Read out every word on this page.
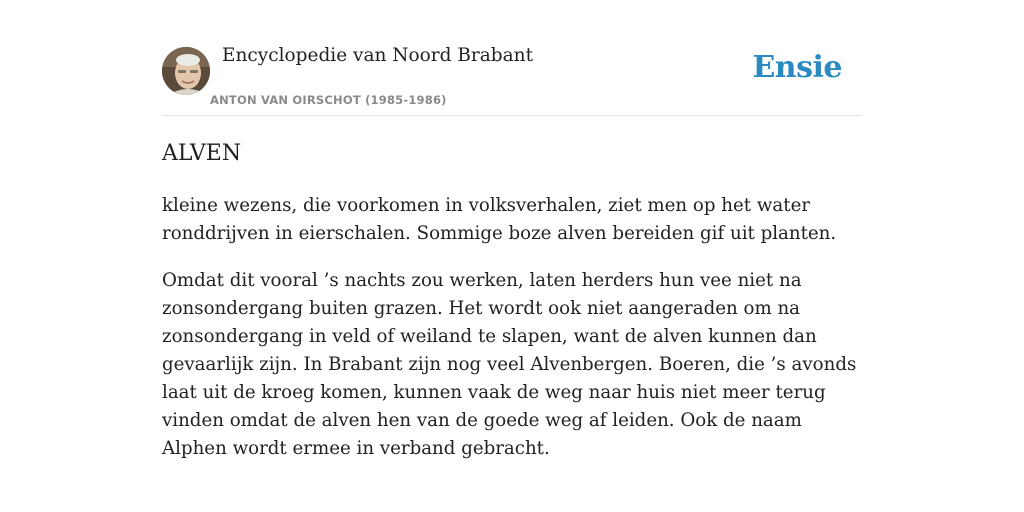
Encyclopedie van Noord Brabant
ANTON VAN OIRSCHOT (1985-1986)
Ensie
ALVEN

kleine wezens, die voorkomen in volksverhalen, ziet men op het water ronddrijven in eierschalen. Sommige boze alven bereiden gif uit planten.

Omdat dit vooral ’s nachts zou werken, laten herders hun vee niet na zonsondergang buiten grazen. Het wordt ook niet aangeraden om na zonsondergang in veld of weiland te slapen, want de alven kunnen dan gevaarlijk zijn. In Brabant zijn nog veel Alvenbergen. Boeren, die ’s avonds laat uit de kroeg komen, kunnen vaak de weg naar huis niet meer terug vinden omdat de alven hen van de goede weg af leiden. Ook de naam Alphen wordt ermee in verband gebracht.
